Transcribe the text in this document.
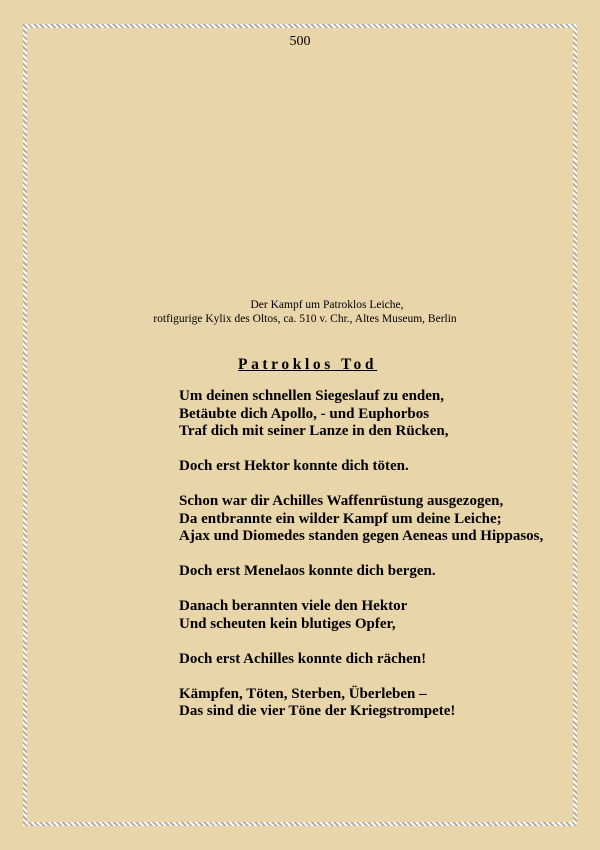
500
Der Kampf um Patroklos Leiche,
rotfigurige Kylix des Oltos, ca. 510 v. Chr., Altes Museum, Berlin
Patroklos Tod
Um deinen schnellen Siegeslauf zu enden,
Betäubte dich Apollo, - und Euphorbos
Traf dich mit seiner Lanze in den Rücken,
Doch erst Hektor konnte dich töten.
Schon war dir Achilles Waffenrüstung ausgezogen,
Da entbrannte ein wilder Kampf um deine Leiche;
Ajax und Diomedes standen gegen Aeneas und Hippasos,
Doch erst Menelaos konnte dich bergen.
Danach berannten viele den Hektor
Und scheuten kein blutiges Opfer,
Doch erst Achilles konnte dich rächen!
Kämpfen, Töten, Sterben, Überleben –
Das sind die vier Töne der Kriegstrompete!
